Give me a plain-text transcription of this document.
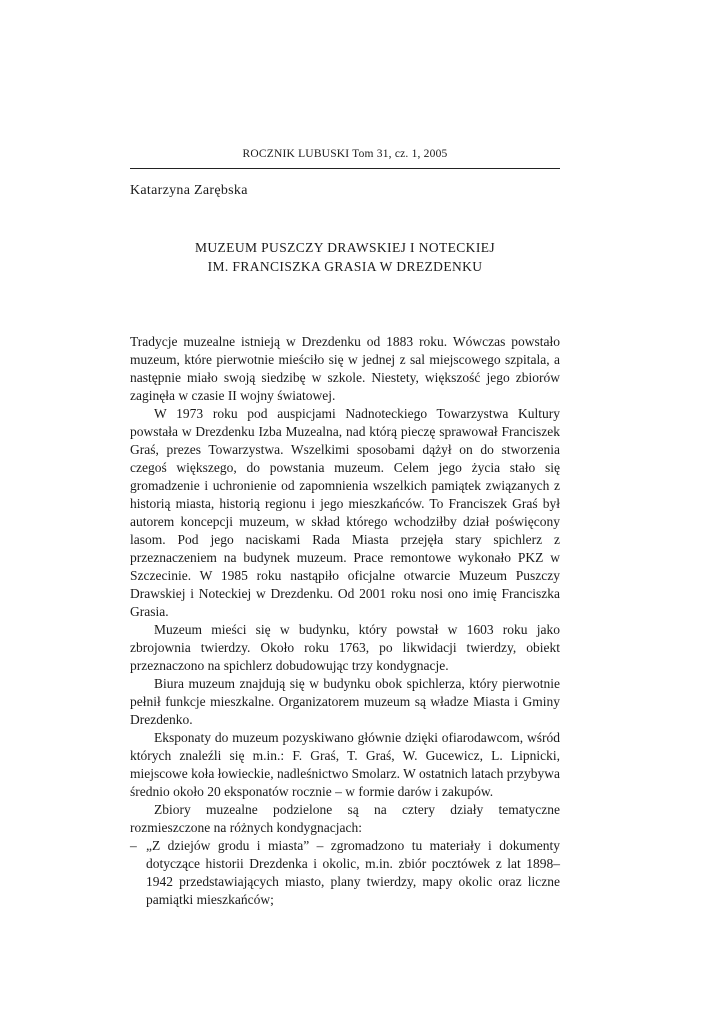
ROCZNIK LUBUSKI Tom 31, cz. 1, 2005
Katarzyna Zarębska
MUZEUM PUSZCZY DRAWSKIEJ I NOTECKIEJ
IM. FRANCISZKA GRASIA W DREZDENKU

Tradycje muzealne istnieją w Drezdenku od 1883 roku. Wówczas powstało muzeum, które pierwotnie mieściło się w jednej z sal miejscowego szpitala, a następnie miało swoją siedzibę w szkole. Niestety, większość jego zbiorów zaginęła w czasie II wojny światowej.

W 1973 roku pod auspicjami Nadnoteckiego Towarzystwa Kultury powstała w Drezdenku Izba Muzealna, nad którą pieczę sprawował Franciszek Graś, prezes Towarzystwa. Wszelkimi sposobami dążył on do stworzenia czegoś większego, do powstania muzeum. Celem jego życia stało się gromadzenie i uchronienie od zapomnienia wszelkich pamiątek związanych z historią miasta, historią regionu i jego mieszkańców. To Franciszek Graś był autorem koncepcji muzeum, w skład którego wchodziłby dział poświęcony lasom. Pod jego naciskami Rada Miasta przejęła stary spichlerz z przeznaczeniem na budynek muzeum. Prace remontowe wykonało PKZ w Szczecinie. W 1985 roku nastąpiło oficjalne otwarcie Muzeum Puszczy Drawskiej i Noteckiej w Drezdenku. Od 2001 roku nosi ono imię Franciszka Grasia.

Muzeum mieści się w budynku, który powstał w 1603 roku jako zbrojownia twierdzy. Około roku 1763, po likwidacji twierdzy, obiekt przeznaczono na spichlerz dobudowując trzy kondygnacje.

Biura muzeum znajdują się w budynku obok spichlerza, który pierwotnie pełnił funkcje mieszkalne. Organizatorem muzeum są władze Miasta i Gminy Drezdenko.

Eksponaty do muzeum pozyskiwano głównie dzięki ofiarodawcom, wśród których znaleźli się m.in.: F. Graś, T. Graś, W. Gucewicz, L. Lipnicki, miejscowe koła łowieckie, nadleśnictwo Smolarz. W ostatnich latach przybywa średnio około 20 eksponatów rocznie – w formie darów i zakupów.

Zbiory muzealne podzielone są na cztery działy tematyczne rozmieszczone na różnych kondygnacjach:

– „Z dziejów grodu i miasta” – zgromadzono tu materiały i dokumenty dotyczące historii Drezdenka i okolic, m.in. zbiór pocztówek z lat 1898–1942 przedstawiających miasto, plany twierdzy, mapy okolic oraz liczne pamiątki mieszkańców;
